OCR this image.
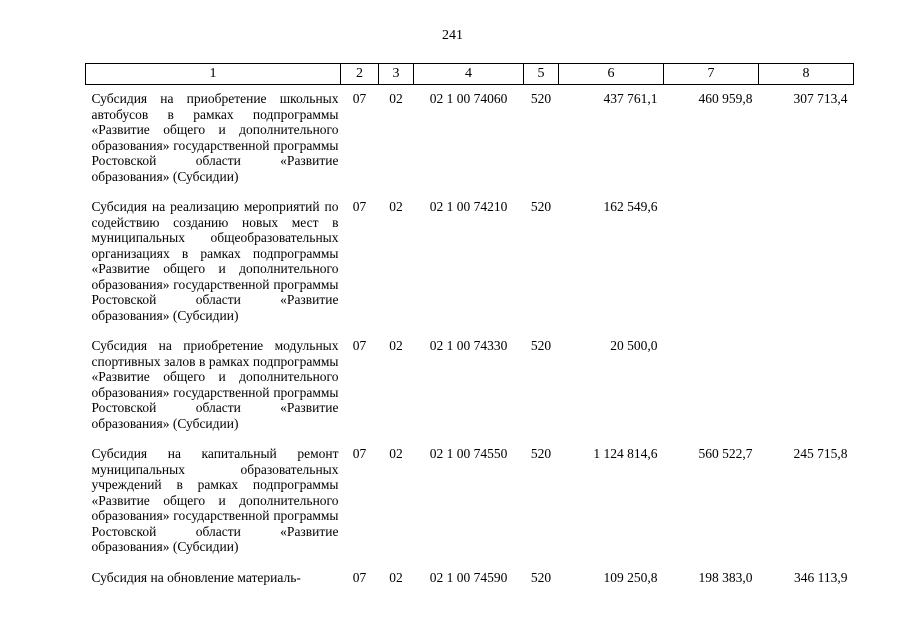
241
1	2	3	4	5	6	7	8
Субсидия на приобретение школьных автобусов в рамках подпрограммы «Развитие общего и дополнительного образования» государственной программы Ростовской области «Развитие образования» (Субсидии)	07	02	02 1 00 74060	520	437 761,1	460 959,8	307 713,4
Субсидия на реализацию мероприятий по содействию созданию новых мест в муниципальных общеобразовательных организациях в рамках подпрограммы «Развитие общего и дополнительного образования» государственной программы Ростовской области «Развитие образования» (Субсидии)	07	02	02 1 00 74210	520	162 549,6		
Субсидия на приобретение модульных спортивных залов в рамках подпрограммы «Развитие общего и дополнительного образования» государственной программы Ростовской области «Развитие образования» (Субсидии)	07	02	02 1 00 74330	520	20 500,0		
Субсидия на капитальный ремонт муниципальных образовательных учреждений в рамках подпрограммы «Развитие общего и дополнительного образования» государственной программы Ростовской области «Развитие образования» (Субсидии)	07	02	02 1 00 74550	520	1 124 814,6	560 522,7	245 715,8
Субсидия на обновление материаль-	07	02	02 1 00 74590	520	109 250,8	198 383,0	346 113,9
